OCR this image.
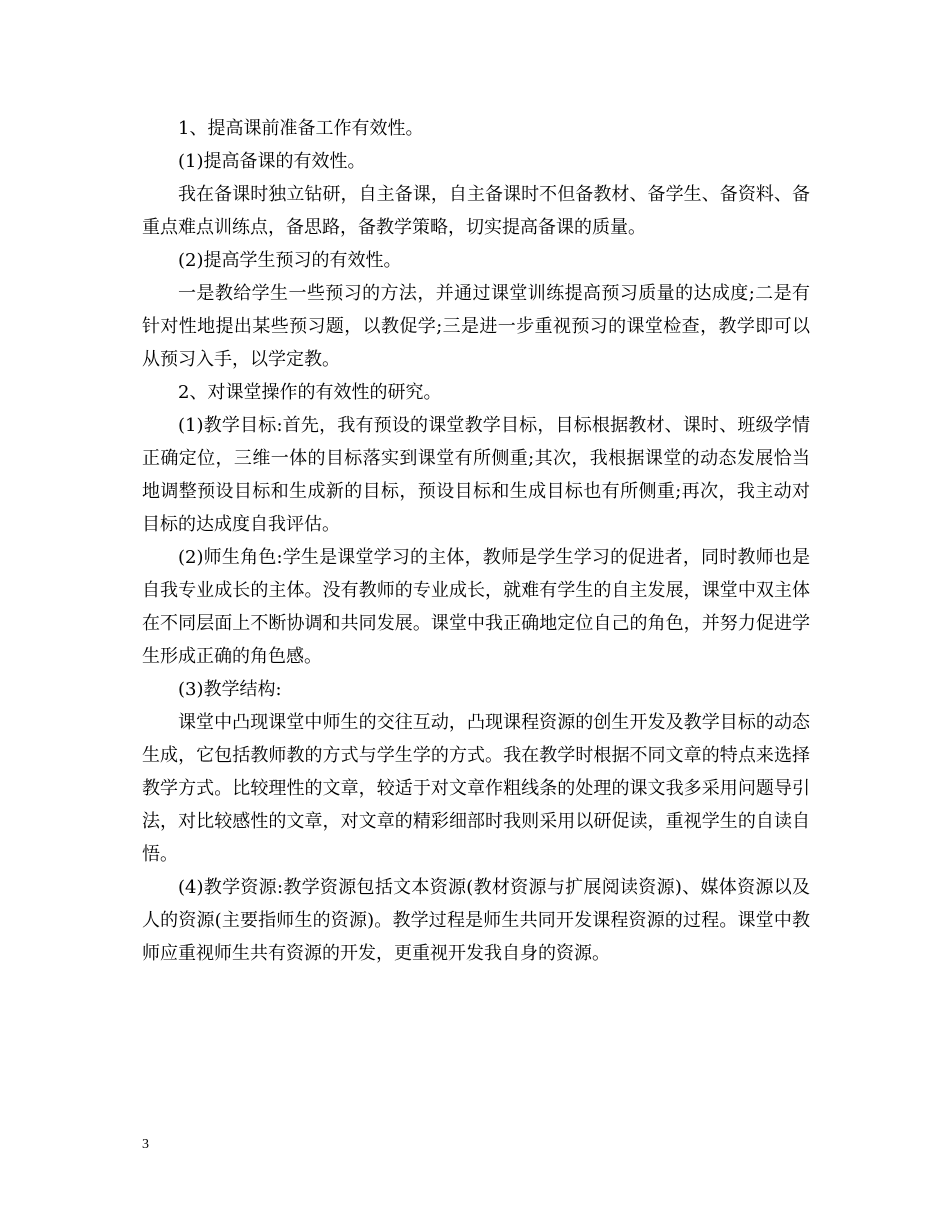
1、提高课前准备工作有效性。

(1)提高备课的有效性。

我在备课时独立钻研，自主备课，自主备课时不但备教材、备学生、备资料、备重点难点训练点，备思路，备教学策略，切实提高备课的质量。

(2)提高学生预习的有效性。

一是教给学生一些预习的方法，并通过课堂训练提高预习质量的达成度;二是有针对性地提出某些预习题，以教促学;三是进一步重视预习的课堂检查，教学即可以从预习入手，以学定教。

2、对课堂操作的有效性的研究。

(1)教学目标:首先，我有预设的课堂教学目标，目标根据教材、课时、班级学情正确定位，三维一体的目标落实到课堂有所侧重;其次，我根据课堂的动态发展恰当地调整预设目标和生成新的目标，预设目标和生成目标也有所侧重;再次，我主动对目标的达成度自我评估。

(2)师生角色:学生是课堂学习的主体，教师是学生学习的促进者，同时教师也是自我专业成长的主体。没有教师的专业成长，就难有学生的自主发展，课堂中双主体在不同层面上不断协调和共同发展。课堂中我正确地定位自己的角色，并努力促进学生形成正确的角色感。

(3)教学结构:

课堂中凸现课堂中师生的交往互动，凸现课程资源的创生开发及教学目标的动态生成，它包括教师教的方式与学生学的方式。我在教学时根据不同文章的特点来选择教学方式。比较理性的文章，较适于对文章作粗线条的处理的课文我多采用问题导引法，对比较感性的文章，对文章的精彩细部时我则采用以研促读，重视学生的自读自悟。

(4)教学资源:教学资源包括文本资源(教材资源与扩展阅读资源)、媒体资源以及人的资源(主要指师生的资源)。教学过程是师生共同开发课程资源的过程。课堂中教师应重视师生共有资源的开发，更重视开发我自身的资源。

3
